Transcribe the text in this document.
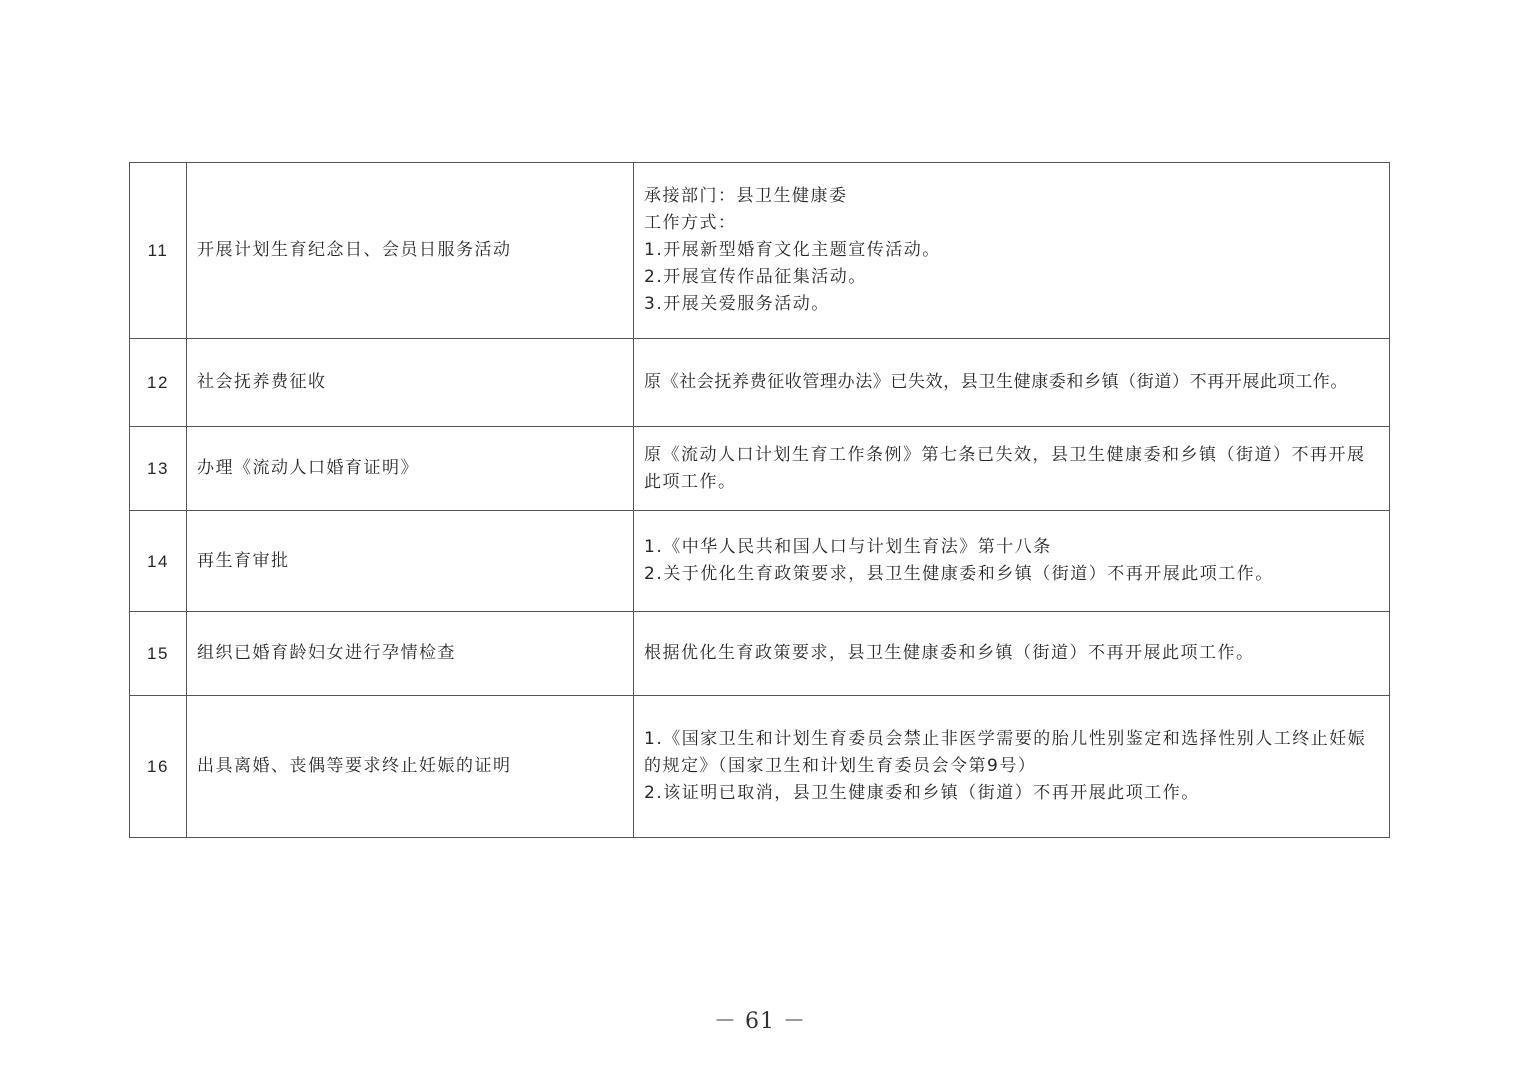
11	开展计划生育纪念日、会员日服务活动	承接部门：县卫生健康委
工作方式：
1.开展新型婚育文化主题宣传活动。
2.开展宣传作品征集活动。
3.开展关爱服务活动。

12	社会抚养费征收	原《社会抚养费征收管理办法》已失效，县卫生健康委和乡镇（街道）不再开展此项工作。

13	办理《流动人口婚育证明》	原《流动人口计划生育工作条例》第七条已失效，县卫生健康委和乡镇（街道）不再开展此项工作。

14	再生育审批	1.《中华人民共和国人口与计划生育法》第十八条
2.关于优化生育政策要求，县卫生健康委和乡镇（街道）不再开展此项工作。

15	组织已婚育龄妇女进行孕情检查	根据优化生育政策要求，县卫生健康委和乡镇（街道）不再开展此项工作。

16	出具离婚、丧偶等要求终止妊娠的证明	1.《国家卫生和计划生育委员会禁止非医学需要的胎儿性别鉴定和选择性别人工终止妊娠的规定》（国家卫生和计划生育委员会令第9号）
2.该证明已取消，县卫生健康委和乡镇（街道）不再开展此项工作。
－ 61 －
